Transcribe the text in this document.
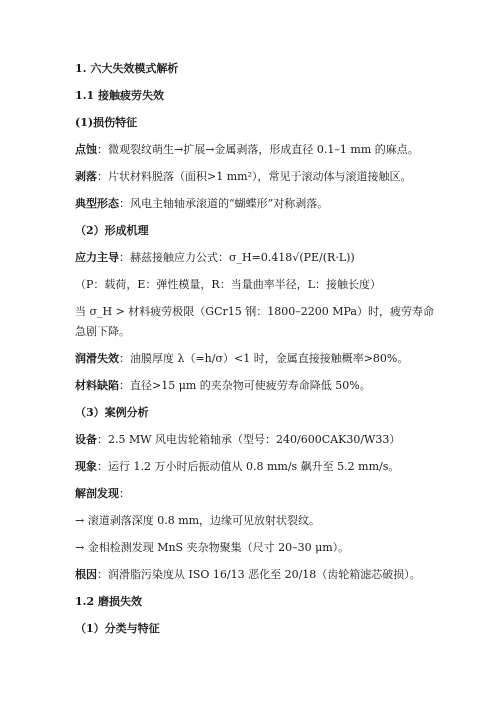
1. 六大失效模式解析

1.1 接触疲劳失效

(1)损伤特征

点蚀：微观裂纹萌生→扩展→金属剥落，形成直径 0.1–1 mm 的麻点。

剥落：片状材料脱落（面积>1 mm²），常见于滚动体与滚道接触区。

典型形态：风电主轴轴承滚道的“蝴蝶形”对称剥落。

（2）形成机理

应力主导：赫兹接触应力公式：σ_H=0.418√(PE/(R·L))

（P：载荷，E：弹性模量，R：当量曲率半径，L：接触长度）

当 σ_H > 材料疲劳极限（GCr15 钢：1800–2200 MPa）时，疲劳寿命

急剧下降。

润滑失效：油膜厚度 λ（=h/σ）<1 时，金属直接接触概率>80%。

材料缺陷：直径>15 μm 的夹杂物可使疲劳寿命降低 50%。

（3）案例分析

设备：2.5 MW 风电齿轮箱轴承（型号：240/600CAK30/W33）

现象：运行 1.2 万小时后振动值从 0.8 mm/s 飙升至 5.2 mm/s。

解剖发现：

→ 滚道剥落深度 0.8 mm，边缘可见放射状裂纹。

→ 金相检测发现 MnS 夹杂物聚集（尺寸 20–30 μm）。

根因：润滑脂污染度从 ISO 16/13 恶化至 20/18（齿轮箱滤芯破损）。

1.2 磨损失效

（1）分类与特征
